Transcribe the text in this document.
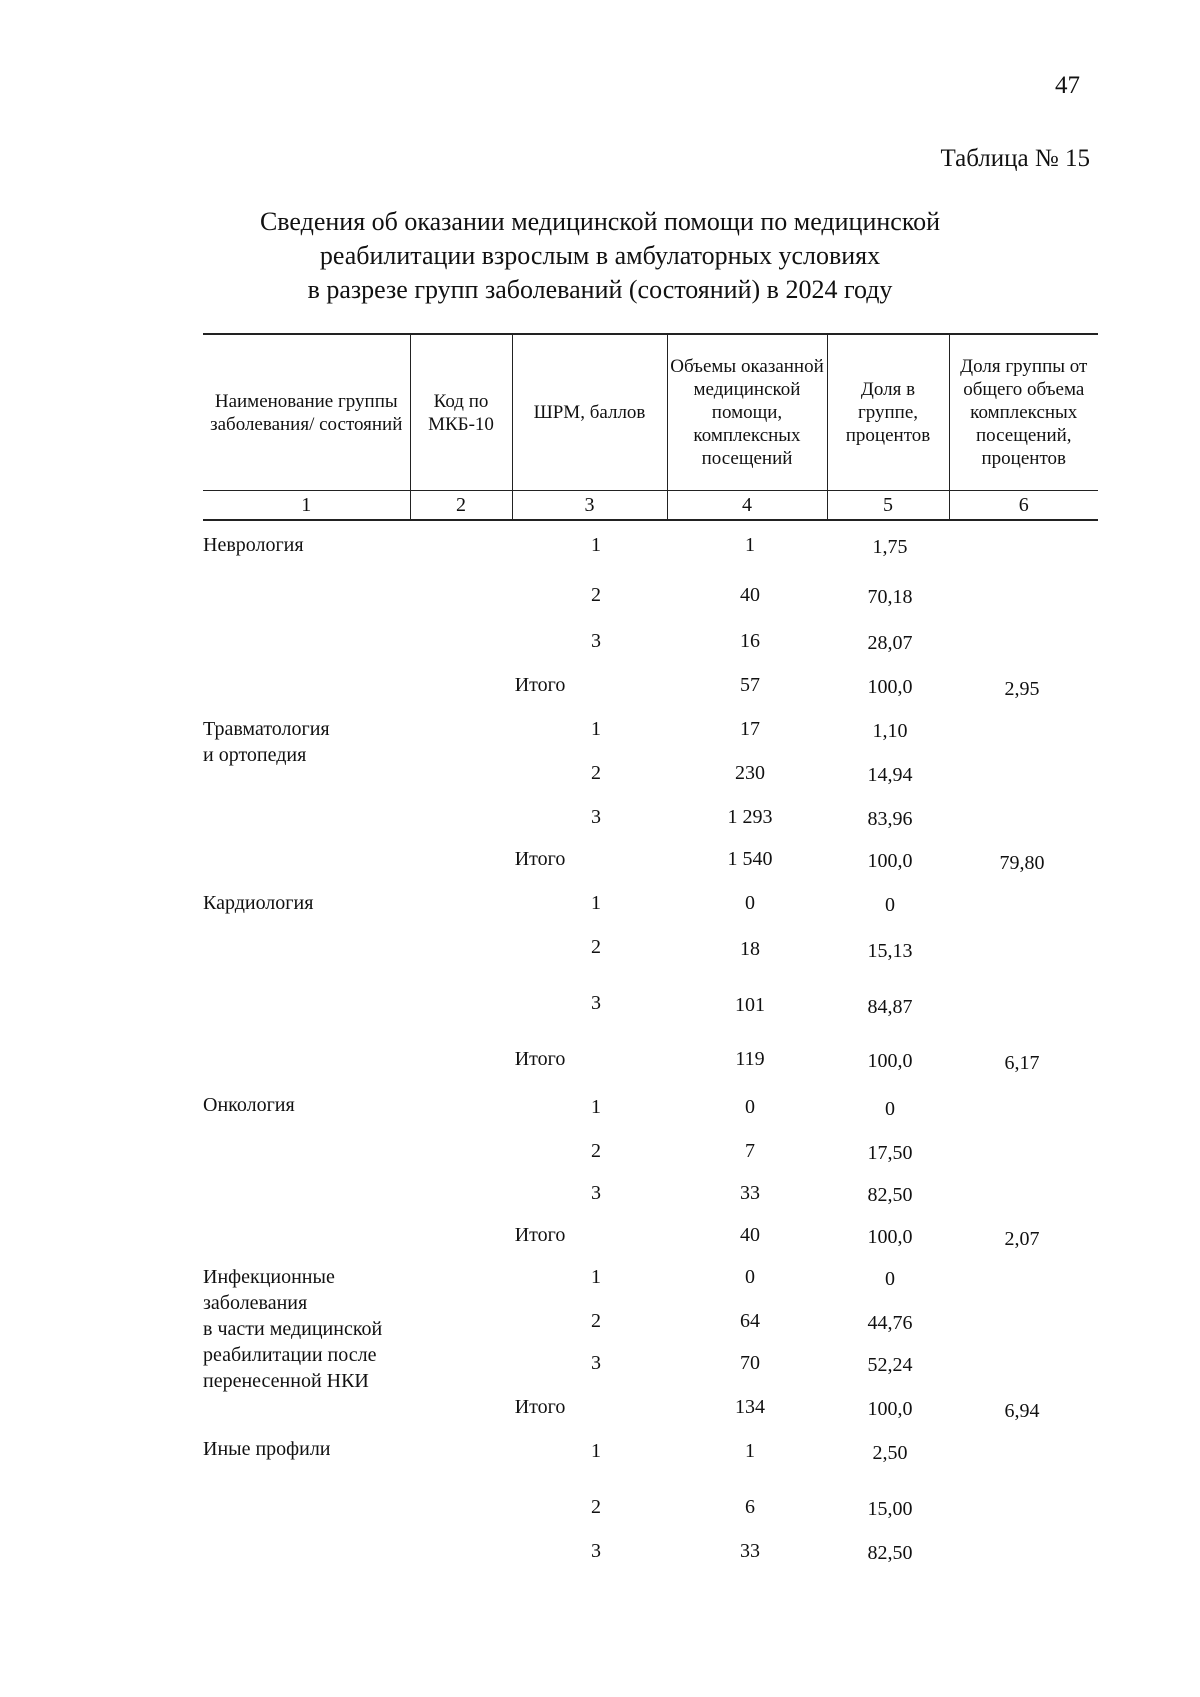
47
Таблица № 15
Сведения об оказании медицинской помощи по медицинской
реабилитации взрослым в амбулаторных условиях
в разрезе групп заболеваний (состояний) в 2024 году
Наименование группы заболевания/ состояний	Код по МКБ-10	ШРМ, баллов	Объемы оказанной медицинской помощи, комплексных посещений	Доля в группе, процентов	Доля группы от общего объема комплексных посещений, процентов
1	2	3	4	5	6
Неврология	1	1	1,75
2	40	70,18
3	16	28,07
Итого	57	100,0	2,95
Травматология
и ортопедия
1	17	1,10
2	230	14,94
3	1 293	83,96
Итого	1 540	100,0	79,80
Кардиология	1	0	0
2	18	15,13
3	101	84,87
Итого	119	100,0	6,17
Онкология	1	0	0
2	7	17,50
3	33	82,50
Итого	40	100,0	2,07
Инфекционные
заболевания
в части медицинской
реабилитации после
перенесенной НКИ
1	0	0
2	64	44,76
3	70	52,24
Итого	134	100,0	6,94
Иные профили	1	1	2,50
2	6	15,00
3	33	82,50
